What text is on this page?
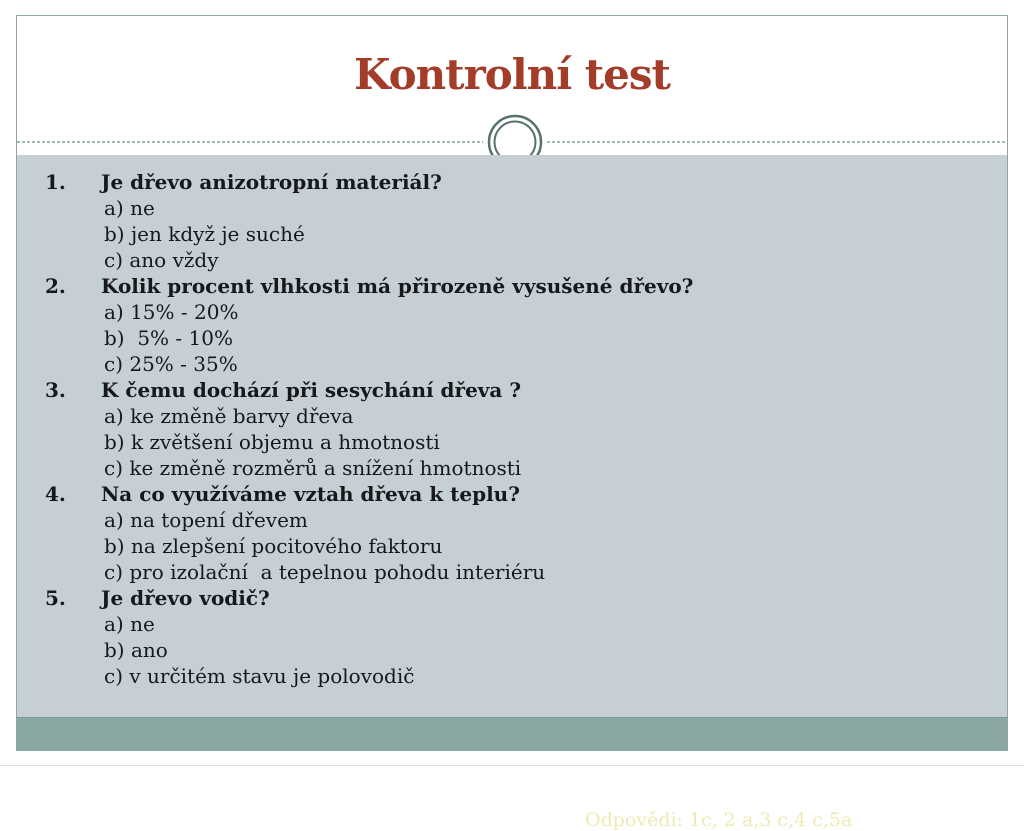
Kontrolní test
1.	Je dřevo anizotropní materiál?
a) ne
b) jen když je suché
c) ano vždy
2.	Kolik procent vlhkosti má přirozeně vysušené dřevo?
a) 15% - 20%
b)  5% - 10%
c) 25% - 35%
3.	K čemu dochází při sesychání dřeva ?
a) ke změně barvy dřeva
b) k zvětšení objemu a hmotnosti
c) ke změně rozměrů a snížení hmotnosti
4.	Na co využíváme vztah dřeva k teplu?
a) na topení dřevem
b) na zlepšení pocitového faktoru
c) pro izolační  a tepelnou pohodu interiéru
5.	Je dřevo vodič?
a) ne
b) ano
c) v určitém stavu je polovodič
Odpovědi: 1c, 2 a,3 c,4 c,5a
